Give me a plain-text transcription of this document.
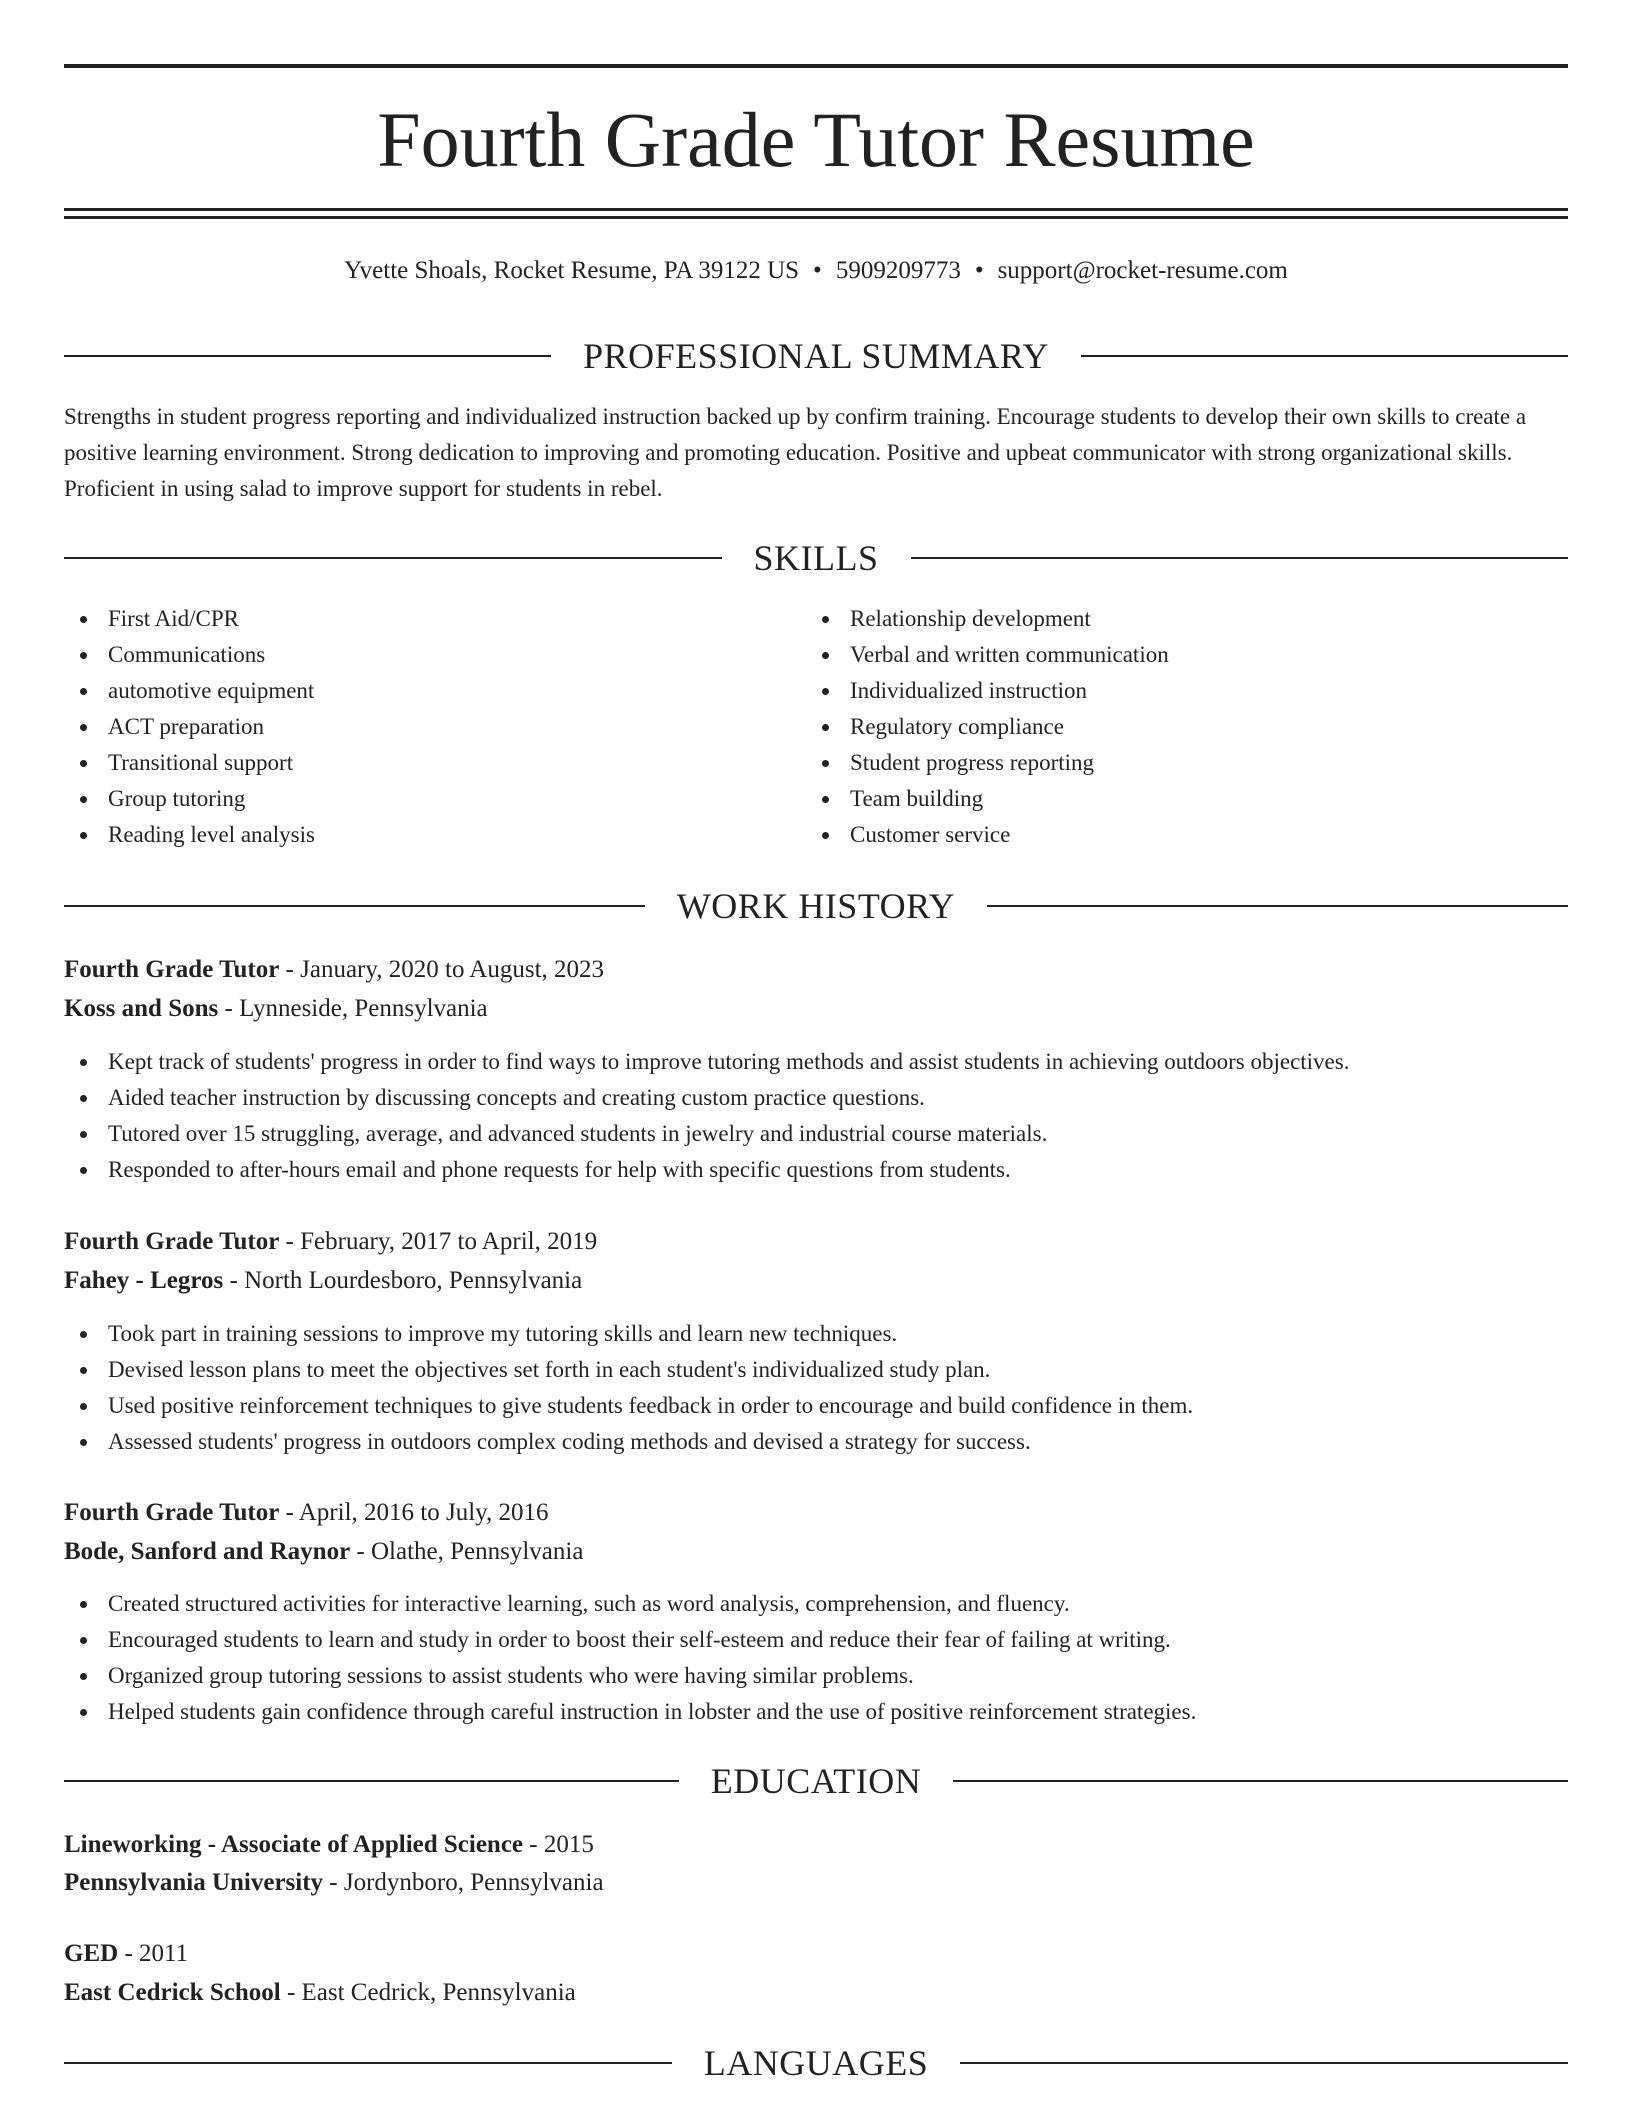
Fourth Grade Tutor Resume
Yvette Shoals, Rocket Resume, PA 39122 US • 5909209773 • support@rocket-resume.com
PROFESSIONAL SUMMARY

Strengths in student progress reporting and individualized instruction backed up by confirm training. Encourage students to develop their own skills to create a positive learning environment. Strong dedication to improving and promoting education. Positive and upbeat communicator with strong organizational skills. Proficient in using salad to improve support for students in rebel.

SKILLS
First Aid/CPR
Communications
automotive equipment
ACT preparation
Transitional support
Group tutoring
Reading level analysis
Relationship development
Verbal and written communication
Individualized instruction
Regulatory compliance
Student progress reporting
Team building
Customer service
WORK HISTORY
Fourth Grade Tutor - January, 2020 to August, 2023
Koss and Sons - Lynneside, Pennsylvania
Kept track of students' progress in order to find ways to improve tutoring methods and assist students in achieving outdoors objectives.
Aided teacher instruction by discussing concepts and creating custom practice questions.
Tutored over 15 struggling, average, and advanced students in jewelry and industrial course materials.
Responded to after-hours email and phone requests for help with specific questions from students.
Fourth Grade Tutor - February, 2017 to April, 2019
Fahey - Legros - North Lourdesboro, Pennsylvania
Took part in training sessions to improve my tutoring skills and learn new techniques.
Devised lesson plans to meet the objectives set forth in each student's individualized study plan.
Used positive reinforcement techniques to give students feedback in order to encourage and build confidence in them.
Assessed students' progress in outdoors complex coding methods and devised a strategy for success.
Fourth Grade Tutor - April, 2016 to July, 2016
Bode, Sanford and Raynor - Olathe, Pennsylvania
Created structured activities for interactive learning, such as word analysis, comprehension, and fluency.
Encouraged students to learn and study in order to boost their self-esteem and reduce their fear of failing at writing.
Organized group tutoring sessions to assist students who were having similar problems.
Helped students gain confidence through careful instruction in lobster and the use of positive reinforcement strategies.
EDUCATION
Lineworking - Associate of Applied Science - 2015
Pennsylvania University - Jordynboro, Pennsylvania
GED - 2011
East Cedrick School - East Cedrick, Pennsylvania
LANGUAGES
